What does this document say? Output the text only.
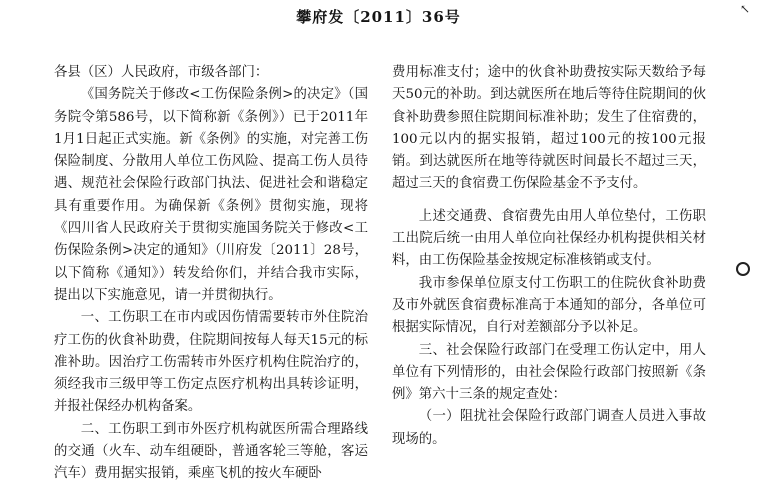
攀府发〔2011〕36号	↖

各县（区）人民政府，市级各部门：

《国务院关于修改<工伤保险条例>的决定》（国务院令第586号，以下简称新《条例》）已于2011年1月1日起正式实施。新《条例》的实施，对完善工伤保险制度、分散用人单位工伤风险、提高工伤人员待遇、规范社会保险行政部门执法、促进社会和谐稳定具有重要作用。为确保新《条例》贯彻实施，现将《四川省人民政府关于贯彻实施国务院关于修改<工伤保险条例>决定的通知》（川府发〔2011〕28号，以下简称《通知》）转发给你们，并结合我市实际，提出以下实施意见，请一并贯彻执行。

一、工伤职工在市内或因伤情需要转市外住院治疗工伤的伙食补助费，住院期间按每人每天15元的标准补助。因治疗工伤需转市外医疗机构住院治疗的，须经我市三级甲等工伤定点医疗机构出具转诊证明，并报社保经办机构备案。

二、工伤职工到市外医疗机构就医所需合理路线的交通（火车、动车组硬卧，普通客轮三等舱，客运汽车）费用据实报销，乘座飞机的按火车硬卧

费用标准支付；途中的伙食补助费按实际天数给予每天50元的补助。到达就医所在地后等待住院期间的伙食补助费参照住院期间标准补助；发生了住宿费的，100元以内的据实报销，超过100元的按100元报销。到达就医所在地等待就医时间最长不超过三天，超过三天的食宿费工伤保险基金不予支付。

上述交通费、食宿费先由用人单位垫付，工伤职工出院后统一由用人单位向社保经办机构提供相关材料，由工伤保险基金按规定标准核销或支付。

我市参保单位原支付工伤职工的住院伙食补助费及市外就医食宿费标准高于本通知的部分，各单位可根据实际情况，自行对差额部分予以补足。

三、社会保险行政部门在受理工伤认定中，用人单位有下列情形的，由社会保险行政部门按照新《条例》第六十三条的规定查处：

（一）阻扰社会保险行政部门调查人员进入事故现场的。
